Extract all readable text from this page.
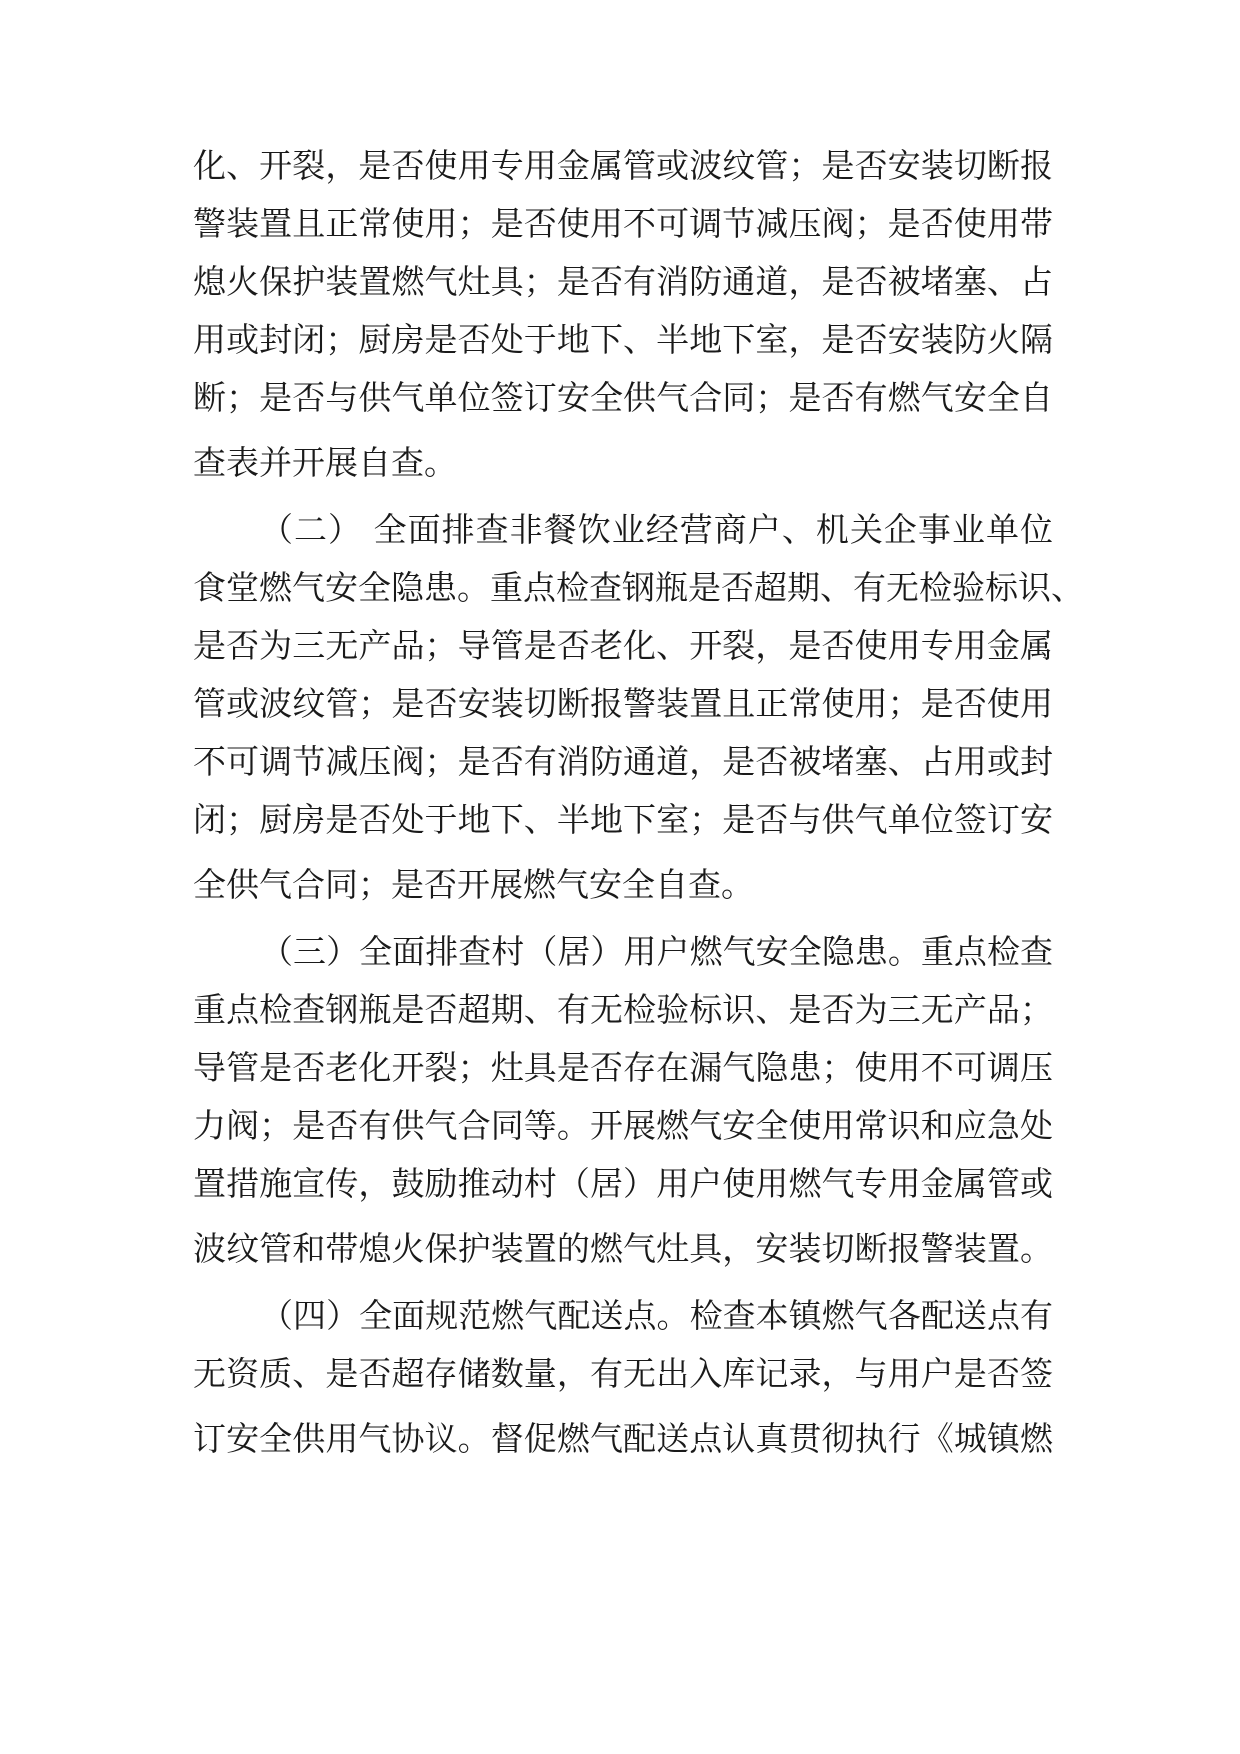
化、开裂，是否使用专用金属管或波纹管；是否安装切断报
警装置且正常使用；是否使用不可调节减压阀；是否使用带
熄火保护装置燃气灶具；是否有消防通道，是否被堵塞、占
用或封闭；厨房是否处于地下、半地下室，是否安装防火隔
断；是否与供气单位签订安全供气合同；是否有燃气安全自
查表并开展自查。
（二） 全面排查非餐饮业经营商户、机关企事业单位
食堂燃气安全隐患。重点检查钢瓶是否超期、有无检验标识、
是否为三无产品；导管是否老化、开裂，是否使用专用金属
管或波纹管；是否安装切断报警装置且正常使用；是否使用
不可调节减压阀；是否有消防通道，是否被堵塞、占用或封
闭；厨房是否处于地下、半地下室；是否与供气单位签订安
全供气合同；是否开展燃气安全自查。
（三）全面排查村（居）用户燃气安全隐患。重点检查
重点检查钢瓶是否超期、有无检验标识、是否为三无产品；
导管是否老化开裂；灶具是否存在漏气隐患；使用不可调压
力阀；是否有供气合同等。开展燃气安全使用常识和应急处
置措施宣传，鼓励推动村（居）用户使用燃气专用金属管或
波纹管和带熄火保护装置的燃气灶具，安装切断报警装置。
（四）全面规范燃气配送点。检查本镇燃气各配送点有
无资质、是否超存储数量，有无出入库记录，与用户是否签
订安全供用气协议。督促燃气配送点认真贯彻执行《城镇燃
